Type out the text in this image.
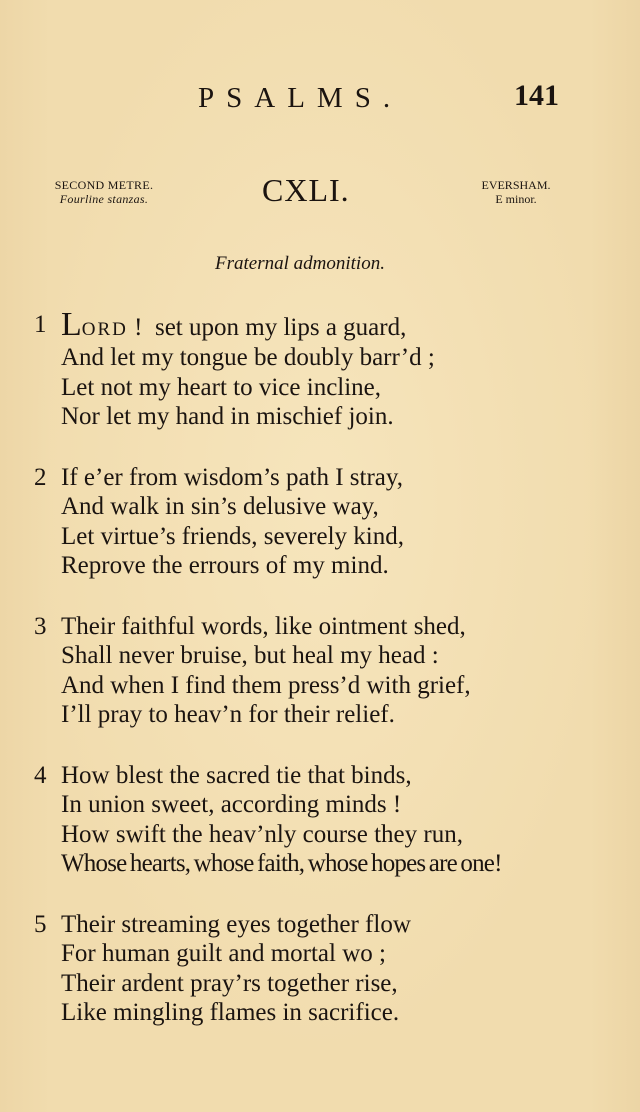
PSALMS.	141
SECOND METRE.
Fourline stanzas.	CXLI.	EVERSHAM.
E minor.
Fraternal admonition.
1 LORD !  set upon my lips a guard,
And let my tongue be doubly barr’d ;
Let not my heart to vice incline,
Nor let my hand in mischief join.
2 If e’er from wisdom’s path I stray,
And walk in sin’s delusive way,
Let virtue’s friends, severely kind,
Reprove the errours of my mind.
3 Their faithful words, like ointment shed,
Shall never bruise, but heal my head :
And when I find them press’d with grief,
I’ll pray to heav’n for their relief.
4 How blest the sacred tie that binds,
In union sweet, according minds !
How swift the heav’nly course they run,
Whose hearts, whose faith, whose hopes are one!
5 Their streaming eyes together flow
For human guilt and mortal wo ;
Their ardent pray’rs together rise,
Like mingling flames in sacrifice.
